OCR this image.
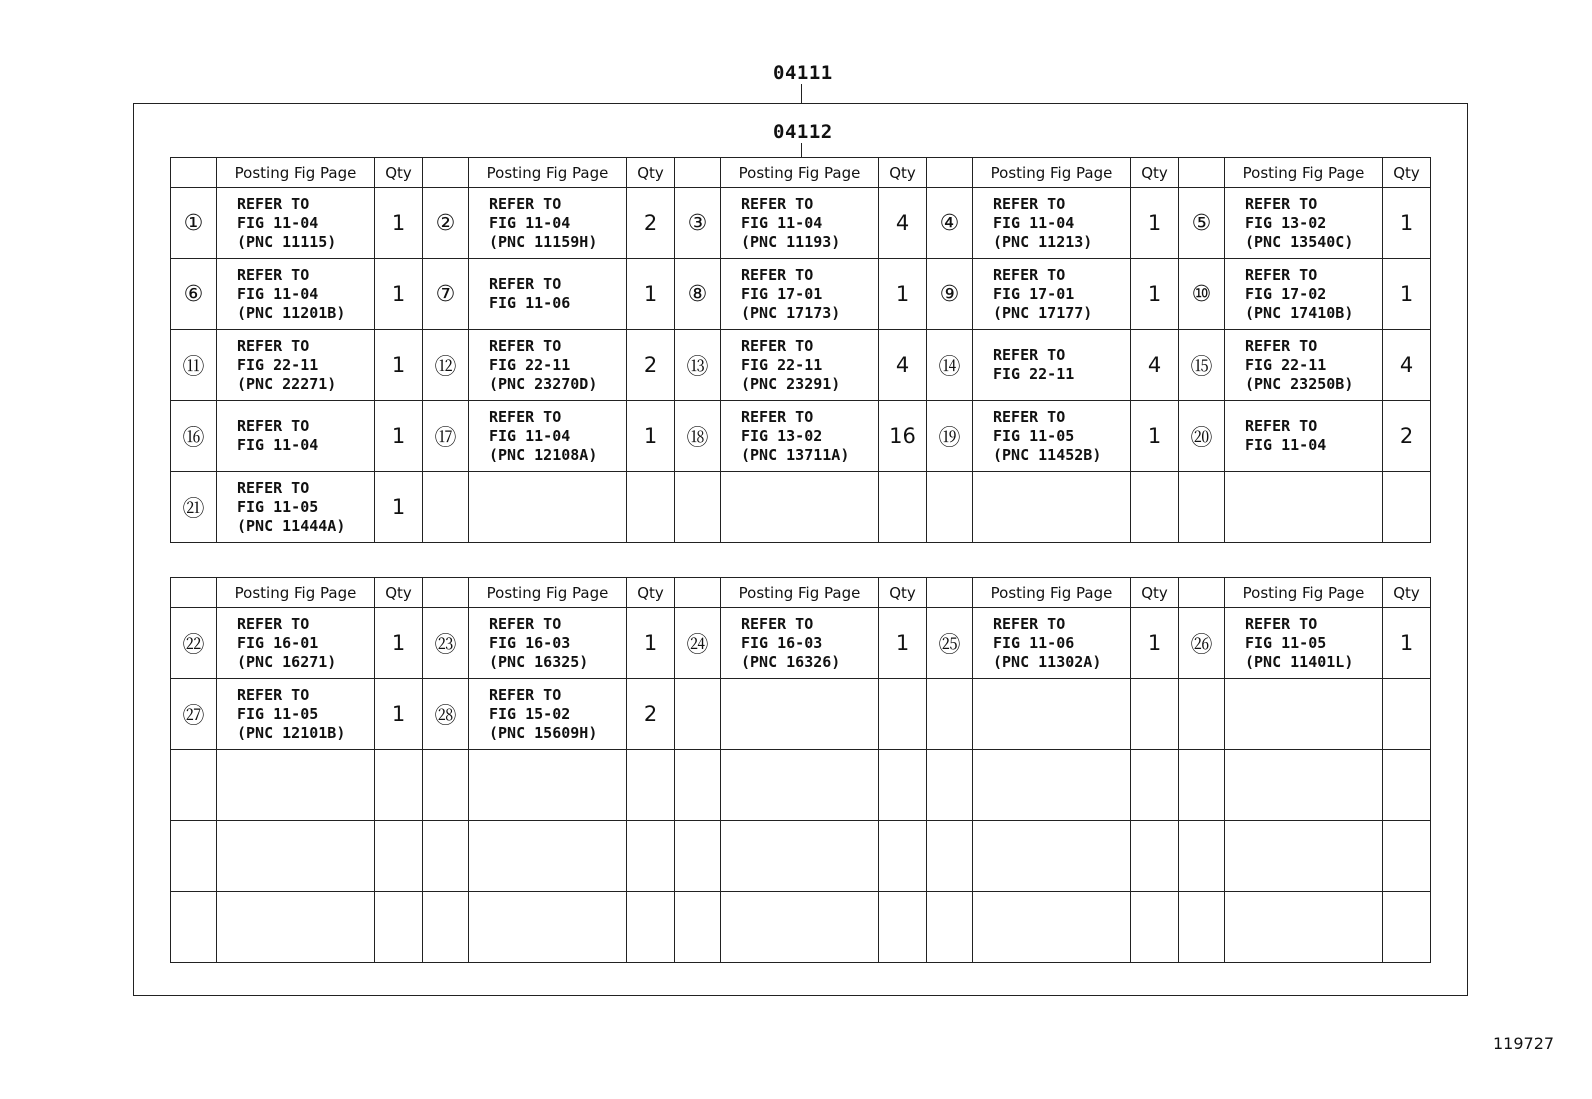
04111
04112
	Posting Fig Page	Qty		Posting Fig Page	Qty		Posting Fig Page	Qty		Posting Fig Page	Qty		Posting Fig Page	Qty
①	REFER TO
FIG 11-04
(PNC 11115)	1	②	REFER TO
FIG 11-04
(PNC 11159H)	2	③	REFER TO
FIG 11-04
(PNC 11193)	4	④	REFER TO
FIG 11-04
(PNC 11213)	1	⑤	REFER TO
FIG 13-02
(PNC 13540C)	1
⑥	REFER TO
FIG 11-04
(PNC 11201B)	1	⑦	REFER TO
FIG 11-06	1	⑧	REFER TO
FIG 17-01
(PNC 17173)	1	⑨	REFER TO
FIG 17-01
(PNC 17177)	1	⑩	REFER TO
FIG 17-02
(PNC 17410B)	1
⑪	REFER TO
FIG 22-11
(PNC 22271)	1	⑫	REFER TO
FIG 22-11
(PNC 23270D)	2	⑬	REFER TO
FIG 22-11
(PNC 23291)	4	⑭	REFER TO
FIG 22-11	4	⑮	REFER TO
FIG 22-11
(PNC 23250B)	4
⑯	REFER TO
FIG 11-04	1	⑰	REFER TO
FIG 11-04
(PNC 12108A)	1	⑱	REFER TO
FIG 13-02
(PNC 13711A)	16	⑲	REFER TO
FIG 11-05
(PNC 11452B)	1	⑳	REFER TO
FIG 11-04	2
㉑	REFER TO
FIG 11-05
(PNC 11444A)	1												
	Posting Fig Page	Qty		Posting Fig Page	Qty		Posting Fig Page	Qty		Posting Fig Page	Qty		Posting Fig Page	Qty
㉒	REFER TO
FIG 16-01
(PNC 16271)	1	㉓	REFER TO
FIG 16-03
(PNC 16325)	1	㉔	REFER TO
FIG 16-03
(PNC 16326)	1	㉕	REFER TO
FIG 11-06
(PNC 11302A)	1	㉖	REFER TO
FIG 11-05
(PNC 11401L)	1
㉗	REFER TO
FIG 11-05
(PNC 12101B)	1	㉘	REFER TO
FIG 15-02
(PNC 15609H)	2									

119727
